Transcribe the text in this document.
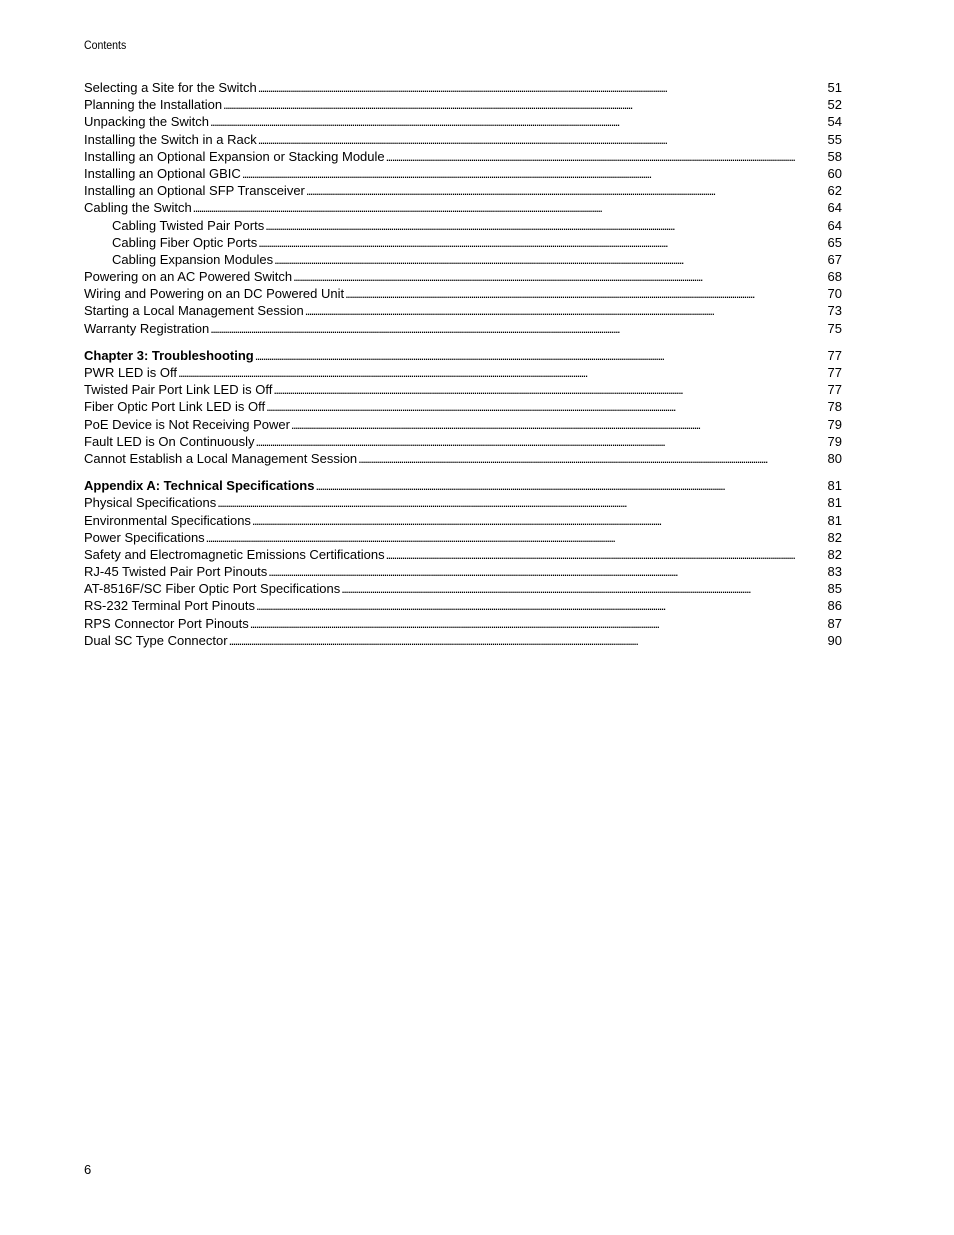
Contents
Selecting a Site for the Switch . . .	51
Planning the Installation . . .	52
Unpacking the Switch . . .	54
Installing the Switch in a Rack . . .	55
Installing an Optional Expansion or Stacking Module . . .	58
Installing an Optional GBIC . . .	60
Installing an Optional SFP Transceiver . . .	62
Cabling the Switch . . .	64
Cabling Twisted Pair Ports . . .	64
Cabling Fiber Optic Ports . . .	65
Cabling Expansion Modules . . .	67
Powering on an AC Powered Switch . . .	68
Wiring and Powering on an DC Powered Unit . . .	70
Starting a Local Management Session . . .	73
Warranty Registration . . .	75
Chapter 3: Troubleshooting . . .	77
PWR LED is Off . . .	77
Twisted Pair Port Link LED is Off . . .	77
Fiber Optic Port Link LED is Off . . .	78
PoE Device is Not Receiving Power . . .	79
Fault LED is On Continuously . . .	79
Cannot Establish a Local Management Session . . .	80
Appendix A: Technical Specifications . . .	81
Physical Specifications . . .	81
Environmental Specifications . . .	81
Power Specifications . . .	82
Safety and Electromagnetic Emissions Certifications . . .	82
RJ-45 Twisted Pair Port Pinouts . . .	83
AT-8516F/SC Fiber Optic Port Specifications . . .	85
RS-232 Terminal Port Pinouts . . .	86
RPS Connector Port Pinouts . . .	87
Dual SC Type Connector . . .	90
6
